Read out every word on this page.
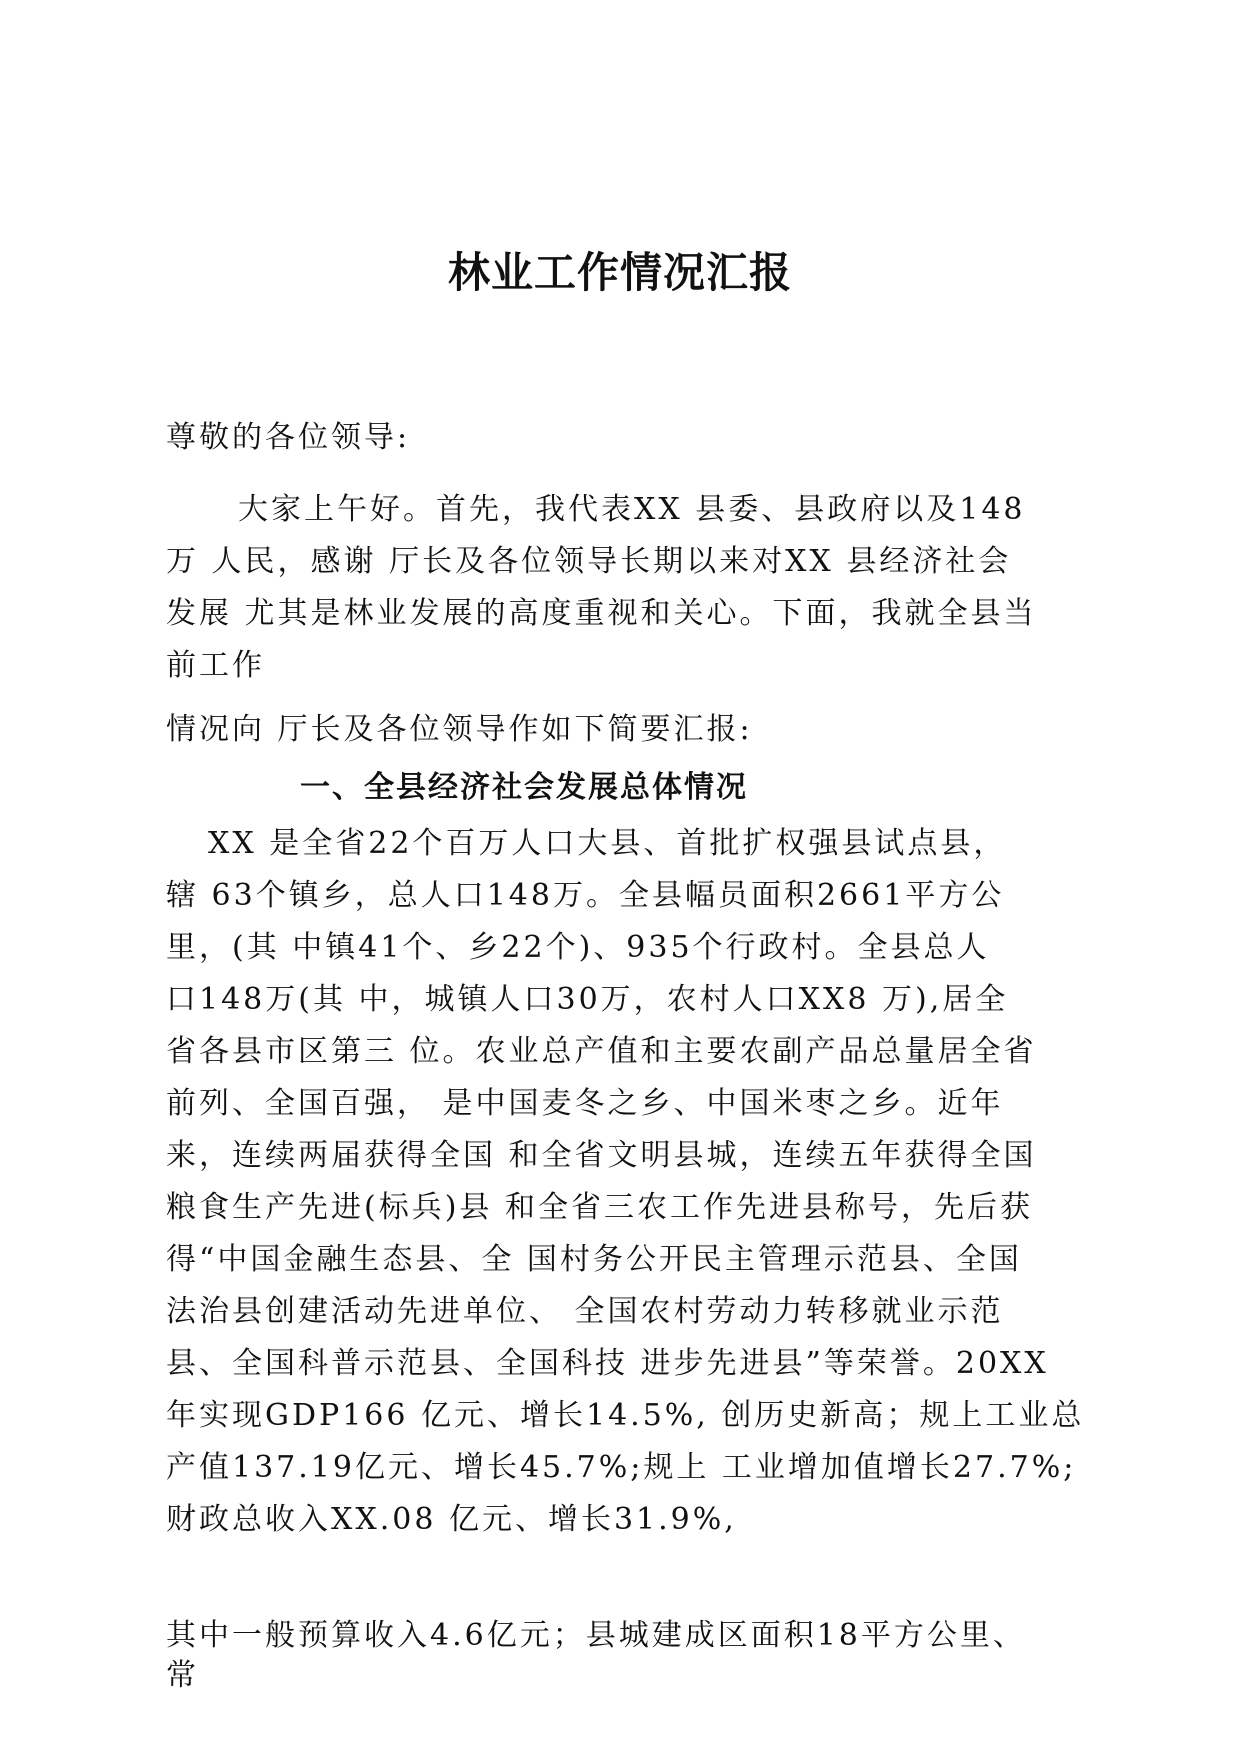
林业工作情况汇报
尊敬的各位领导:
大家上午好。首先，我代表XX 县委、县政府以及148
万 人民，感谢 厅长及各位领导长期以来对XX 县经济社会
发展 尤其是林业发展的高度重视和关心。下面，我就全县当
前工作
情况向 厅长及各位领导作如下简要汇报:
一、全县经济社会发展总体情况
XX 是全省22个百万人口大县、首批扩权强县试点县，
辖 63个镇乡，总人口148万。全县幅员面积2661平方公
里，(其 中镇41个、乡22个)、935个行政村。全县总人
口148万(其 中，城镇人口30万，农村人口XX8 万),居全
省各县市区第三 位。农业总产值和主要农副产品总量居全省
前列、全国百强， 是中国麦冬之乡、中国米枣之乡。近年
来，连续两届获得全国 和全省文明县城，连续五年获得全国
粮食生产先进(标兵)县 和全省三农工作先进县称号，先后获
得“中国金融生态县、全 国村务公开民主管理示范县、全国
法治县创建活动先进单位、 全国农村劳动力转移就业示范
县、全国科普示范县、全国科技 进步先进县”等荣誉。20XX
年实现GDP166 亿元、增长14.5%, 创历史新高；规上工业总
产值137.19亿元、增长45.7%;规上 工业增加值增长27.7%;
财政总收入XX.08 亿元、增长31.9%,
其中一般预算收入4.6亿元；县城建成区面积18平方公里、
常
